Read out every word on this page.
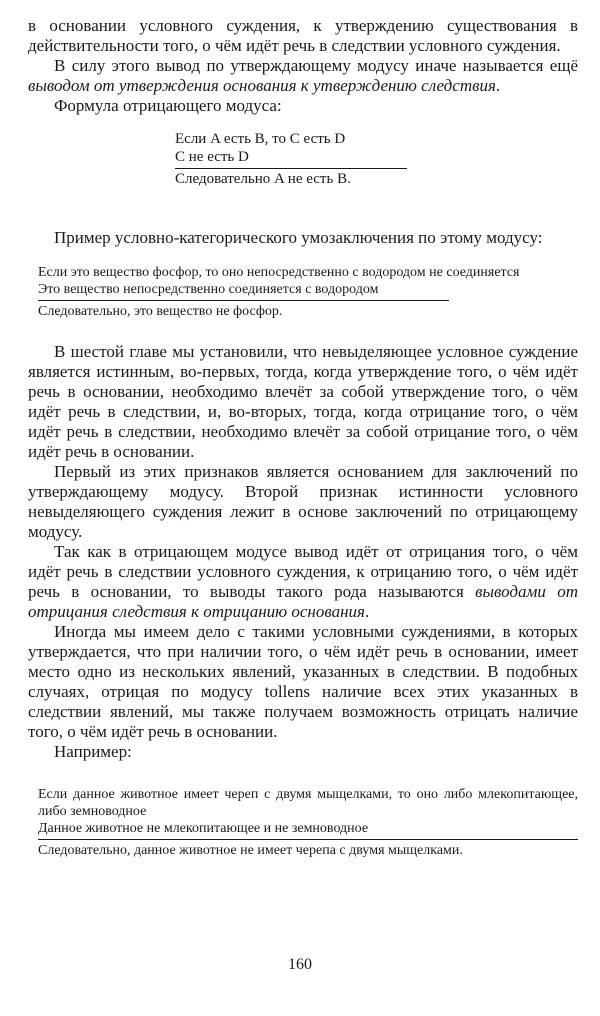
в основании условного суждения, к утверждению существования в действительности того, о чём идёт речь в следствии условного суждения.

В силу этого вывод по утверждающему модусу иначе называется ещё выводом от утверждения основания к утверждению следствия.

Формула отрицающего модуса:

Если A есть B, то C есть D
C не есть D
Следовательно A не есть B.

Пример условно-категорического умозаключения по этому модусу:

Если это вещество фосфор, то оно непосредственно с водородом не соединяется
Это вещество непосредственно соединяется с водородом
Следовательно, это вещество не фосфор.

В шестой главе мы установили, что невыделяющее условное суждение является истинным, во-первых, тогда, когда утверждение того, о чём идёт речь в основании, необходимо влечёт за собой утверждение того, о чём идёт речь в следствии, и, во-вторых, тогда, когда отрицание того, о чём идёт речь в следствии, необходимо влечёт за собой отрицание того, о чём идёт речь в основании.

Первый из этих признаков является основанием для заключений по утверждающему модусу. Второй признак истинности условного невыделяющего суждения лежит в основе заключений по отрицающему модусу.

Так как в отрицающем модусе вывод идёт от отрицания того, о чём идёт речь в следствии условного суждения, к отрицанию того, о чём идёт речь в основании, то выводы такого рода называются выводами от отрицания следствия к отрицанию основания.

Иногда мы имеем дело с такими условными суждениями, в которых утверждается, что при наличии того, о чём идёт речь в основании, имеет место одно из нескольких явлений, указанных в следствии. В подобных случаях, отрицая по модусу tollens наличие всех этих указанных в следствии явлений, мы также получаем возможность отрицать наличие того, о чём идёт речь в основании.

Например:

Если данное животное имеет череп с двумя мыщелками, то оно либо млекопитающее, либо земноводное
Данное животное не млекопитающее и не земноводное
Следовательно, данное животное не имеет черепа с двумя мыщелками.
160
